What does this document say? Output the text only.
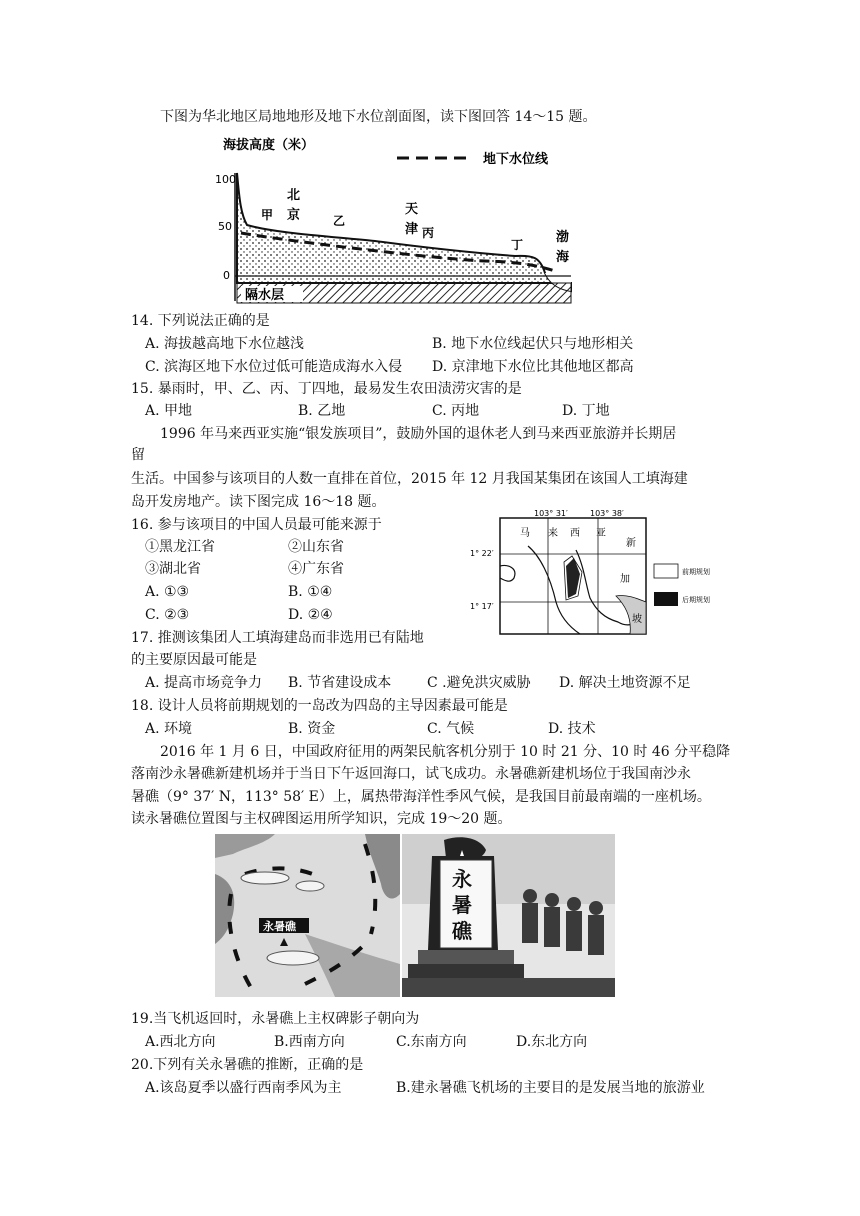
下图为华北地区局地地形及地下水位剖面图，读下图回答 14～15 题。
海拔高度（米）
地下水位线
100
50
0
隔水层
北
京
甲	乙
天
津 丙
丁	渤
海
14. 下列说法正确的是
A. 海拔越高地下水位越浅	B. 地下水位线起伏只与地形相关
C. 滨海区地下水位过低可能造成海水入侵 D. 京津地下水位比其他地区都高
15. 暴雨时，甲、乙、丙、丁四地，最易发生农田渍涝灾害的是
A. 甲地	B. 乙地	C. 丙地	D. 丁地
1996 年马来西亚实施“银发族项目”，鼓励外国的退休老人到马来西亚旅游并长期居
留
生活。中国参与该项目的人数一直排在首位，2015 年 12 月我国某集团在该国人工填海建
岛开发房地产。读下图完成 16～18 题。
16. 参与该项目的中国人员最可能来源于
①黑龙江省	②山东省
③湖北省	④广东省
A. ①③	B. ①④
C. ②③	D. ②④
103° 31′	103° 38′
1° 22′
1° 17′
马 来 西 亚
新
加
坡
前期规划
后期规划
17. 推测该集团人工填海建岛而非选用已有陆地
的主要原因最可能是
A. 提高市场竞争力 B. 节省建设成本	C .避免洪灾威胁 D. 解决土地资源不足
18. 设计人员将前期规划的一岛改为四岛的主导因素最可能是
A. 环境	B. 资金	C. 气候	D. 技术
2016 年 1 月 6 日，中国政府征用的两架民航客机分别于 10 时 21 分、10 时 46 分平稳降
落南沙永暑礁新建机场并于当日下午返回海口，试飞成功。永暑礁新建机场位于我国南沙永
暑礁（9° 37′ N，113° 58′ E）上，属热带海洋性季风气候，是我国目前最南端的一座机场。
读永暑礁位置图与主权碑图运用所学知识，完成 19～20 题。
永暑礁
永
暑
礁
19.当飞机返回时，永暑礁上主权碑影子朝向为
A.西北方向	B.西南方向	C.东南方向	D.东北方向
20.下列有关永暑礁的推断，正确的是
A.该岛夏季以盛行西南季风为主	B.建永暑礁飞机场的主要目的是发展当地的旅游业
